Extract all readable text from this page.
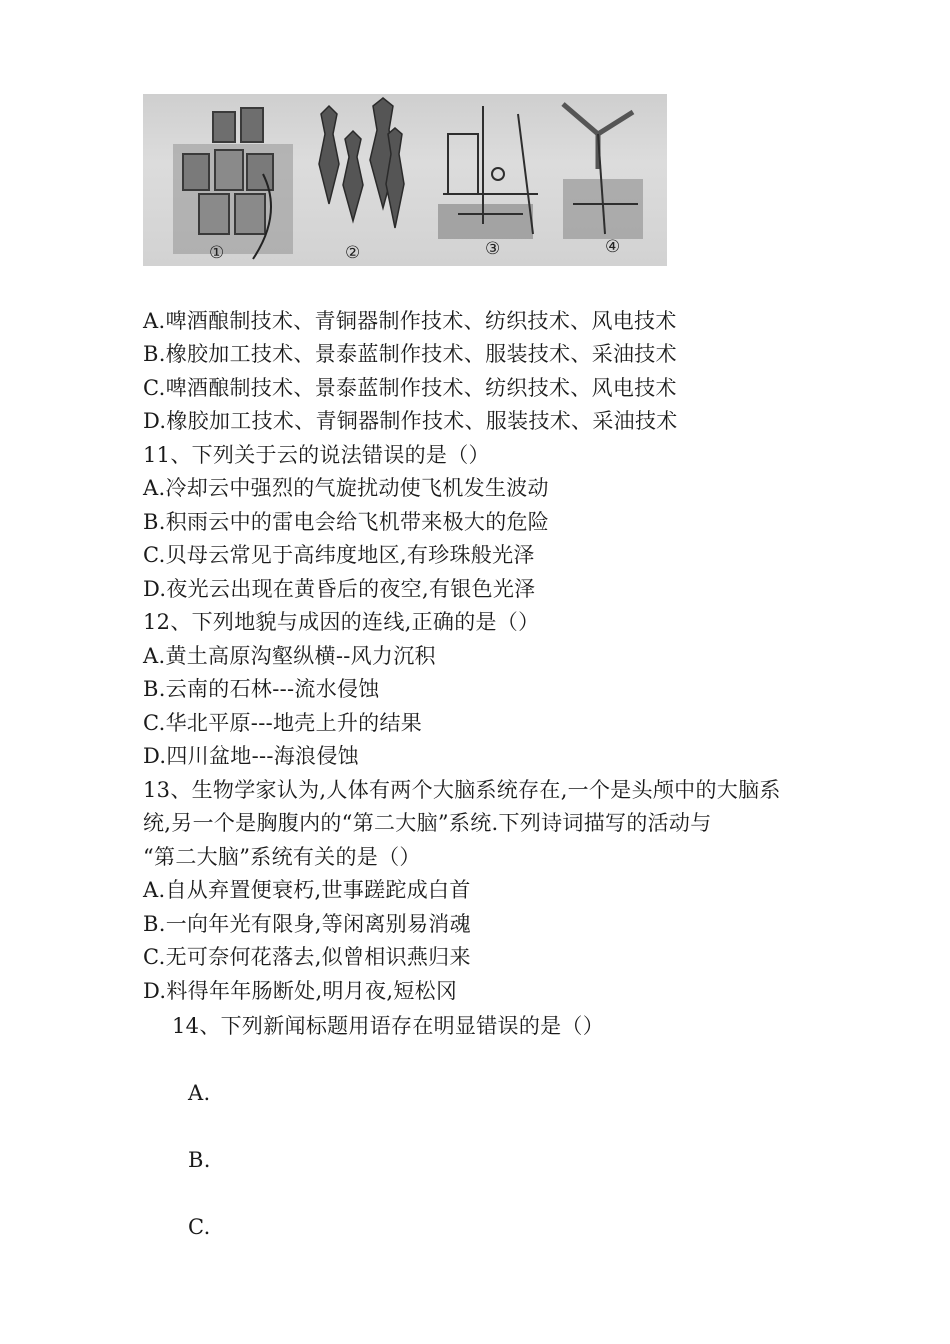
①	②	③	④
A.啤酒酿制技术、青铜器制作技术、纺织技术、风电技术
B.橡胶加工技术、景泰蓝制作技术、服装技术、采油技术
C.啤酒酿制技术、景泰蓝制作技术、纺织技术、风电技术
D.橡胶加工技术、青铜器制作技术、服装技术、采油技术
11、下列关于云的说法错误的是（）
A.冷却云中强烈的气旋扰动使飞机发生波动
B.积雨云中的雷电会给飞机带来极大的危险
C.贝母云常见于高纬度地区,有珍珠般光泽
D.夜光云出现在黄昏后的夜空,有银色光泽
12、下列地貌与成因的连线,正确的是（）
A.黄土高原沟壑纵横--风力沉积
B.云南的石林---流水侵蚀
C.华北平原---地壳上升的结果
D.四川盆地---海浪侵蚀
13、生物学家认为,人体有两个大脑系统存在,一个是头颅中的大脑系
统,另一个是胸腹内的“第二大脑”系统.下列诗词描写的活动与
“第二大脑”系统有关的是（）
A.自从弃置便衰朽,世事蹉跎成白首
B.一向年光有限身,等闲离别易消魂
C.无可奈何花落去,似曾相识燕归来
D.料得年年肠断处,明月夜,短松冈
14、下列新闻标题用语存在明显错误的是（）
A.
B.
C.
